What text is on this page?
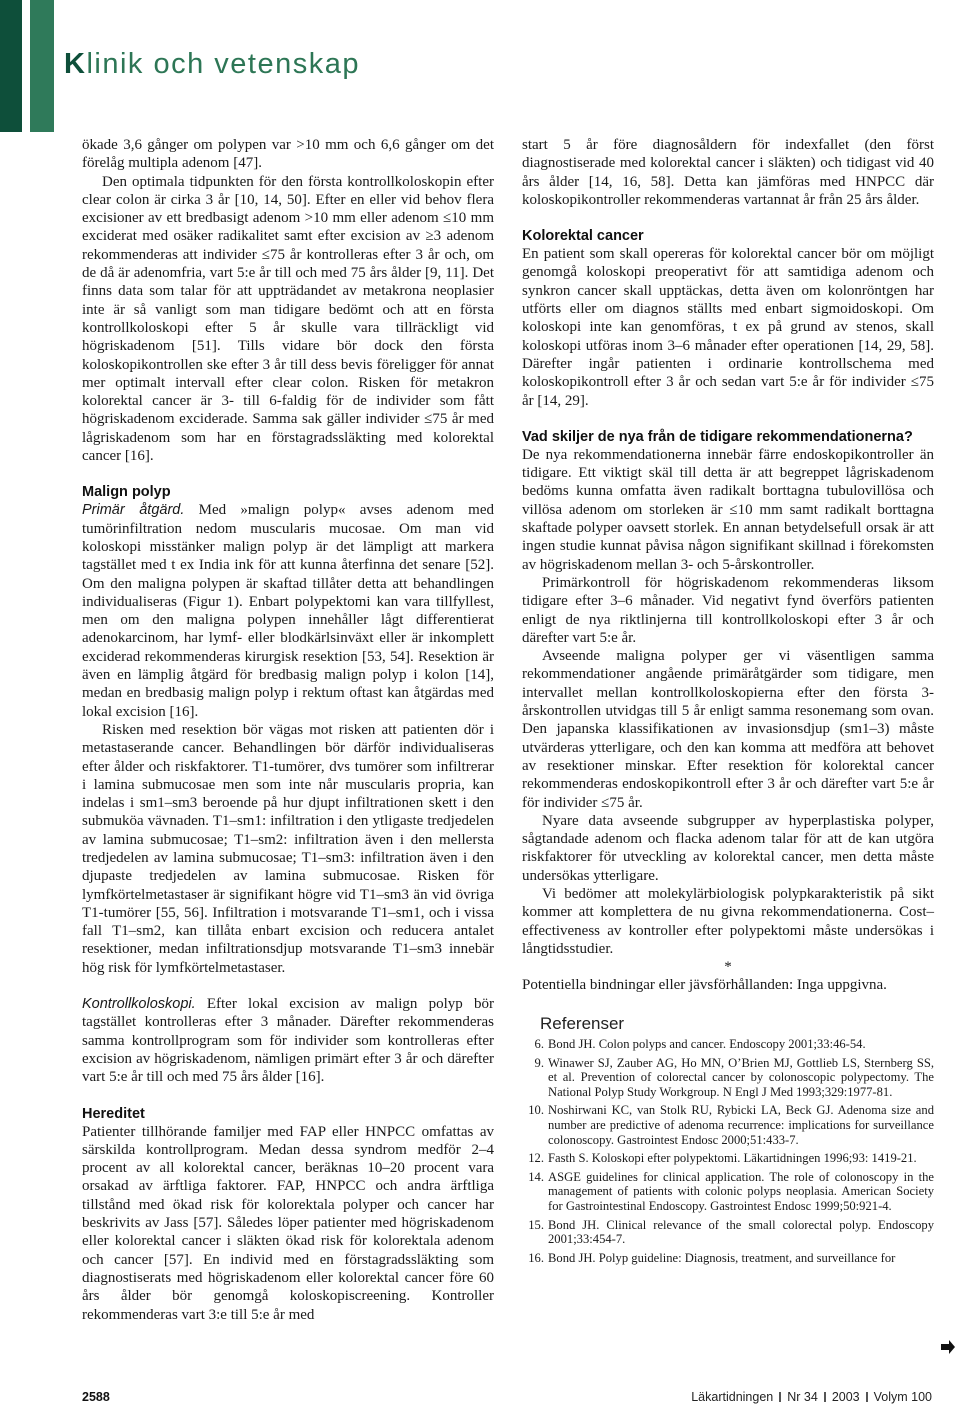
Klinik och vetenskap

ökade 3,6 gånger om polypen var >10 mm och 6,6 gånger om det förelåg multipla adenom [47].

Den optimala tidpunkten för den första kontrollkoloskopin efter clear colon är cirka 3 år [10, 14, 50]. Efter en eller vid behov flera excisioner av ett bredbasigt adenom >10 mm eller adenom ≤10 mm exciderat med osäker radikalitet samt efter excision av ≥3 adenom rekommenderas att individer ≤75 år kontrolleras efter 3 år och, om de då är adenomfria, vart 5:e år till och med 75 års ålder [9, 11]. Det finns data som talar för att uppträdandet av metakrona neoplasier inte är så vanligt som man tidigare bedömt och att en första kontrollkoloskopi efter 5 år skulle vara tillräckligt vid högriskadenom [51]. Tills vidare bör dock den första koloskopikontrollen ske efter 3 år till dess bevis föreligger för annat mer optimalt intervall efter clear colon. Risken för metakron kolorektal cancer är 3- till 6-faldig för de individer som fått högriskadenom exciderade. Samma sak gäller individer ≤75 år med lågriskadenom som har en förstagradssläkting med kolorektal cancer [16].

Malign polyp

Primär åtgärd. Med »malign polyp« avses adenom med tumörinfiltration nedom muscularis mucosae. Om man vid koloskopi misstänker malign polyp är det lämpligt att markera tagstället med t ex India ink för att kunna återfinna det senare [52]. Om den maligna polypen är skaftad tillåter detta att behandlingen individualiseras (Figur 1). Enbart polypektomi kan vara tillfyllest, men om den maligna polypen innehåller lågt differentierat adenokarcinom, har lymf- eller blodkärlsinväxt eller är inkomplett exciderad rekommenderas kirurgisk resektion [53, 54]. Resektion är även en lämplig åtgärd för bredbasig malign polyp i kolon [14], medan en bredbasig malign polyp i rektum oftast kan åtgärdas med lokal excision [16].

Risken med resektion bör vägas mot risken att patienten dör i metastaserande cancer. Behandlingen bör därför individualiseras efter ålder och riskfaktorer. T1-tumörer, dvs tumörer som infiltrerar i lamina submucosae men som inte når muscularis propria, kan indelas i sm1–sm3 beroende på hur djupt infiltrationen skett i den submuköa vävnaden. T1–sm1: infiltration i den ytligaste tredjedelen av lamina submucosae; T1–sm2: infiltration även i den mellersta tredjedelen av lamina submucosae; T1–sm3: infiltration även i den djupaste tredjedelen av lamina submucosae. Risken för lymfkörtelmetastaser är signifikant högre vid T1–sm3 än vid övriga T1-tumörer [55, 56]. Infiltration i motsvarande T1–sm1, och i vissa fall T1–sm2, kan tillåta enbart excision och reducera antalet resektioner, medan infiltrationsdjup motsvarande T1–sm3 innebär hög risk för lymfkörtelmetastaser.

Kontrollkoloskopi. Efter lokal excision av malign polyp bör tagstället kontrolleras efter 3 månader. Därefter rekommenderas samma kontrollprogram som för individer som kontrolleras efter excision av högriskadenom, nämligen primärt efter 3 år och därefter vart 5:e år till och med 75 års ålder [16].

Hereditet

Patienter tillhörande familjer med FAP eller HNPCC omfattas av särskilda kontrollprogram. Medan dessa syndrom medför 2–4 procent av all kolorektal cancer, beräknas 10–20 procent vara orsakad av ärftliga faktorer. FAP, HNPCC och andra ärftliga tillstånd med ökad risk för kolorektala polyper och cancer har beskrivits av Jass [57]. Således löper patienter med högriskadenom eller kolorektal cancer i släkten ökad risk för kolorektala adenom och cancer [57]. En individ med en förstagradssläkting som diagnostiserats med högriskadenom eller kolorektal cancer före 60 års ålder bör genomgå koloskopiscreening. Kontroller rekommenderas vart 3:e till 5:e år med

start 5 år före diagnosåldern för indexfallet (den först diagnostiserade med kolorektal cancer i släkten) och tidigast vid 40 års ålder [14, 16, 58]. Detta kan jämföras med HNPCC där koloskopikontroller rekommenderas vartannat år från 25 års ålder.

Kolorektal cancer

En patient som skall opereras för kolorektal cancer bör om möjligt genomgå koloskopi preoperativt för att samtidiga adenom och synkron cancer skall upptäckas, detta även om kolonröntgen har utförts eller om diagnos ställts med enbart sigmoidoskopi. Om koloskopi inte kan genomföras, t ex på grund av stenos, skall koloskopi utföras inom 3–6 månader efter operationen [14, 29, 58]. Därefter ingår patienten i ordinarie kontrollschema med koloskopikontroll efter 3 år och sedan vart 5:e år för individer ≤75 år [14, 29].

Vad skiljer de nya från de tidigare rekommendationerna?

De nya rekommendationerna innebär färre endoskopikontroller än tidigare. Ett viktigt skäl till detta är att begreppet lågriskadenom bedöms kunna omfatta även radikalt borttagna tubulovillösa och villösa adenom om storleken är ≤10 mm samt radikalt borttagna skaftade polyper oavsett storlek. En annan betydelsefull orsak är att ingen studie kunnat påvisa någon signifikant skillnad i förekomsten av högriskadenom mellan 3- och 5-årskontroller.

Primärkontroll för högriskadenom rekommenderas liksom tidigare efter 3–6 månader. Vid negativt fynd överförs patienten enligt de nya riktlinjerna till kontrollkoloskopi efter 3 år och därefter vart 5:e år.

Avseende maligna polyper ger vi väsentligen samma rekommendationer angående primäråtgärder som tidigare, men intervallet mellan kontrollkoloskopierna efter den första 3-årskontrollen utvidgas till 5 år enligt samma resonemang som ovan. Den japanska klassifikationen av invasionsdjup (sm1–3) måste utvärderas ytterligare, och den kan komma att medföra att behovet av resektioner minskar. Efter resektion för kolorektal cancer rekommenderas endoskopikontroll efter 3 år och därefter vart 5:e år för individer ≤75 år.

Nyare data avseende subgrupper av hyperplastiska polyper, sågtandade adenom och flacka adenom talar för att de kan utgöra riskfaktorer för utveckling av kolorektal cancer, men detta måste undersökas ytterligare.

Vi bedömer att molekylärbiologisk polypkarakteristik på sikt kommer att komplettera de nu givna rekommendationerna. Cost–effectiveness av kontroller efter polypektomi måste undersökas i långtidsstudier.

*

Potentiella bindningar eller jävsförhållanden: Inga uppgivna.

Referenser
6. Bond JH. Colon polyps and cancer. Endoscopy 2001;33:46-54.
9. Winawer SJ, Zauber AG, Ho MN, O’Brien MJ, Gottlieb LS, Sternberg SS, et al. Prevention of colorectal cancer by colonoscopic polypectomy. The National Polyp Study Workgroup. N Engl J Med 1993;329:1977-81.
10. Noshirwani KC, van Stolk RU, Rybicki LA, Beck GJ. Adenoma size and number are predictive of adenoma recurrence: implications for surveillance colonoscopy. Gastrointest Endosc 2000;51:433-7.
12. Fasth S. Koloskopi efter polypektomi. Läkartidningen 1996;93: 1419-21.
14. ASGE guidelines for clinical application. The role of colonoscopy in the management of patients with colonic polyps neoplasia. American Society for Gastrointestinal Endoscopy. Gastrointest Endosc 1999;50:921-4.
15. Bond JH. Clinical relevance of the small colorectal polyp. Endoscopy 2001;33:454-7.
16. Bond JH. Polyp guideline: Diagnosis, treatment, and surveillance for
2588	Läkartidningen Nr 34 2003 Volym 100
